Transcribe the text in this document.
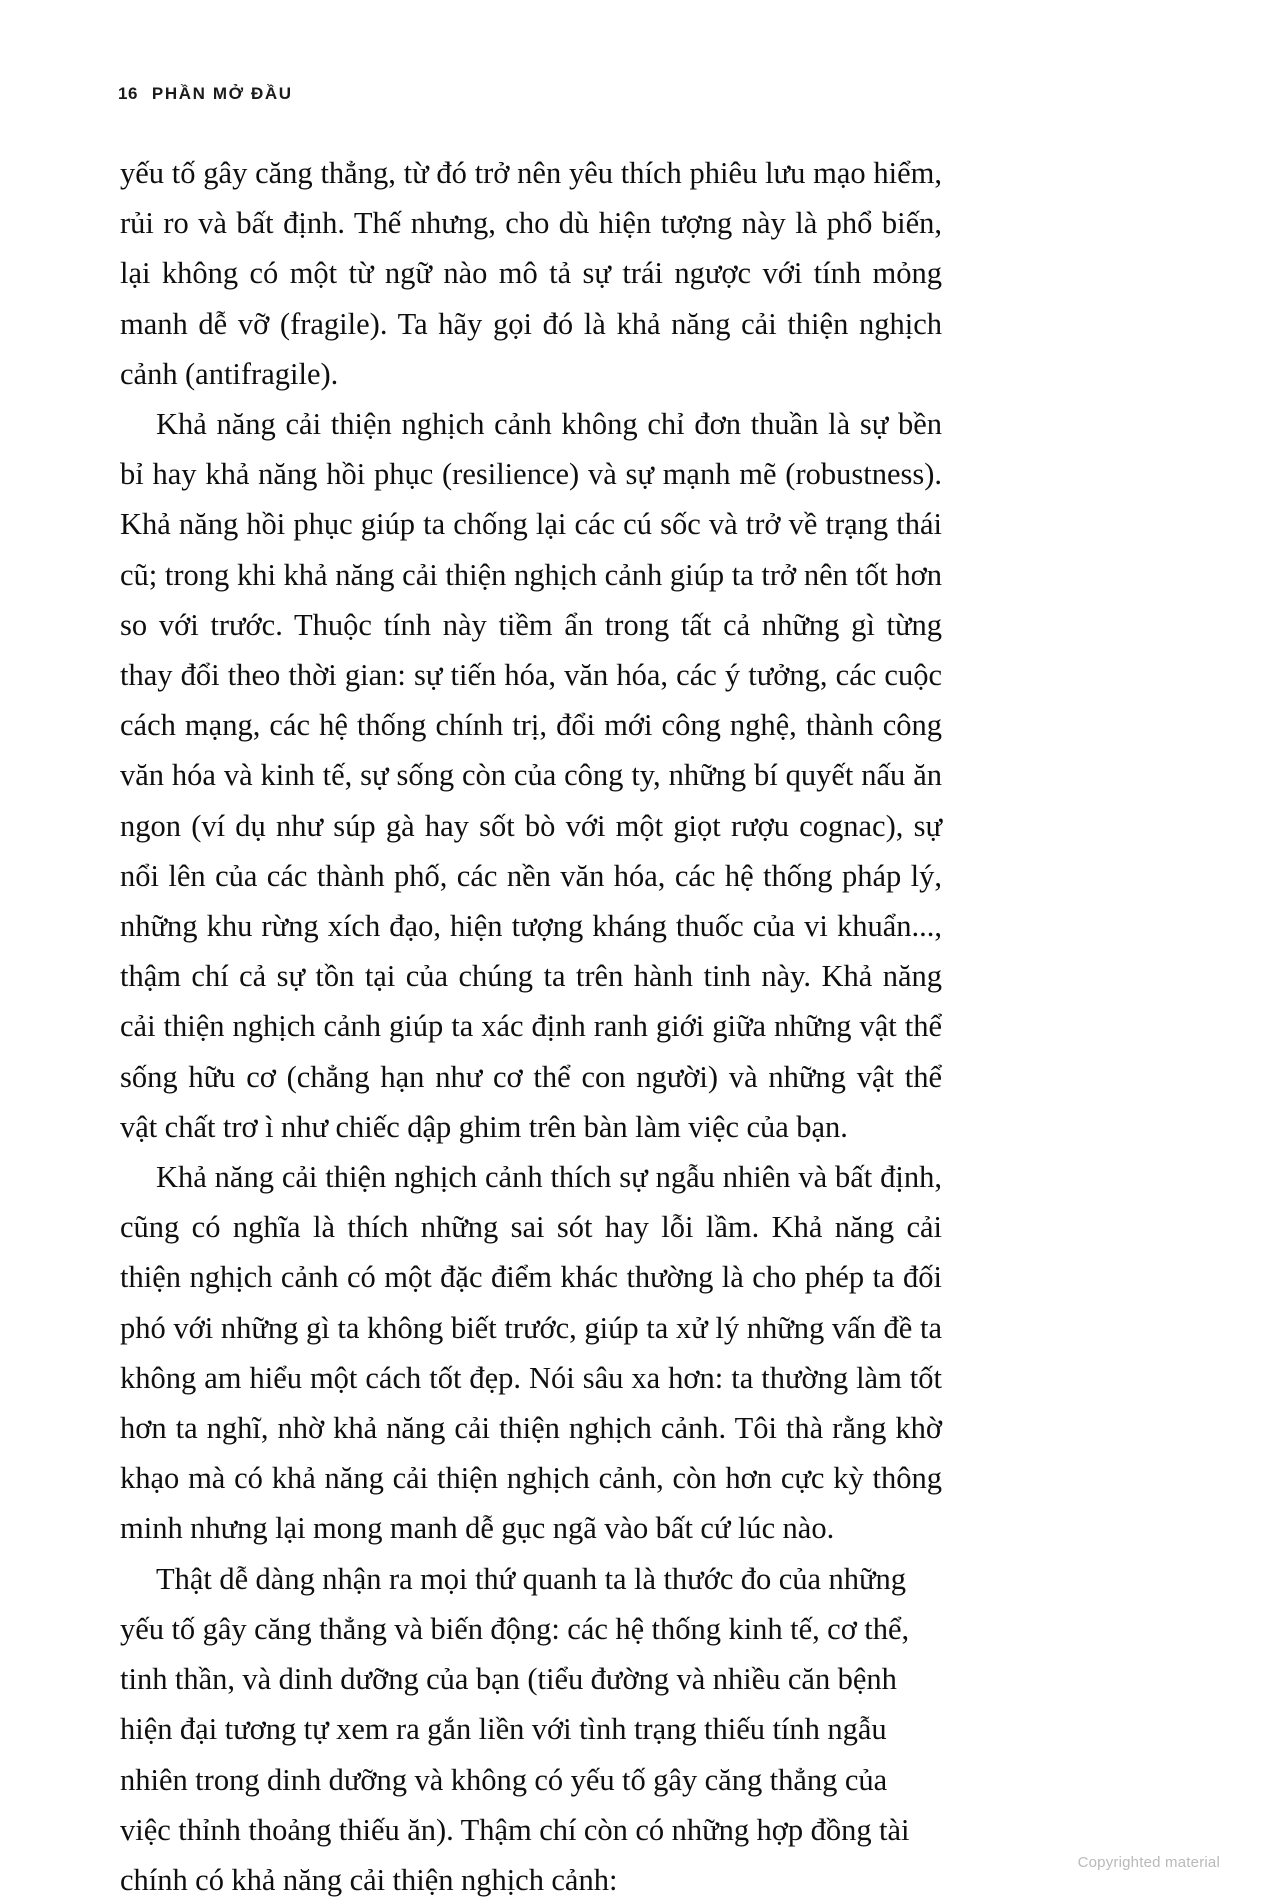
16 PHẦN MỞ ĐẦU

yếu tố gây căng thẳng, từ đó trở nên yêu thích phiêu lưu mạo hiểm, rủi ro và bất định. Thế nhưng, cho dù hiện tượng này là phổ biến, lại không có một từ ngữ nào mô tả sự trái ngược với tính mỏng manh dễ vỡ (fragile). Ta hãy gọi đó là khả năng cải thiện nghịch cảnh (antifragile).

Khả năng cải thiện nghịch cảnh không chỉ đơn thuần là sự bền bỉ hay khả năng hồi phục (resilience) và sự mạnh mẽ (robustness). Khả năng hồi phục giúp ta chống lại các cú sốc và trở về trạng thái cũ; trong khi khả năng cải thiện nghịch cảnh giúp ta trở nên tốt hơn so với trước. Thuộc tính này tiềm ẩn trong tất cả những gì từng thay đổi theo thời gian: sự tiến hóa, văn hóa, các ý tưởng, các cuộc cách mạng, các hệ thống chính trị, đổi mới công nghệ, thành công văn hóa và kinh tế, sự sống còn của công ty, những bí quyết nấu ăn ngon (ví dụ như súp gà hay sốt bò với một giọt rượu cognac), sự nổi lên của các thành phố, các nền văn hóa, các hệ thống pháp lý, những khu rừng xích đạo, hiện tượng kháng thuốc của vi khuẩn..., thậm chí cả sự tồn tại của chúng ta trên hành tinh này. Khả năng cải thiện nghịch cảnh giúp ta xác định ranh giới giữa những vật thể sống hữu cơ (chẳng hạn như cơ thể con người) và những vật thể vật chất trơ ì như chiếc dập ghim trên bàn làm việc của bạn.

Khả năng cải thiện nghịch cảnh thích sự ngẫu nhiên và bất định, cũng có nghĩa là thích những sai sót hay lỗi lầm. Khả năng cải thiện nghịch cảnh có một đặc điểm khác thường là cho phép ta đối phó với những gì ta không biết trước, giúp ta xử lý những vấn đề ta không am hiểu một cách tốt đẹp. Nói sâu xa hơn: ta thường làm tốt hơn ta nghĩ, nhờ khả năng cải thiện nghịch cảnh. Tôi thà rằng khờ khạo mà có khả năng cải thiện nghịch cảnh, còn hơn cực kỳ thông minh nhưng lại mong manh dễ gục ngã vào bất cứ lúc nào.

Thật dễ dàng nhận ra mọi thứ quanh ta là thước đo của những yếu tố gây căng thẳng và biến động: các hệ thống kinh tế, cơ thể, tinh thần, và dinh dưỡng của bạn (tiểu đường và nhiều căn bệnh hiện đại tương tự xem ra gắn liền với tình trạng thiếu tính ngẫu nhiên trong dinh dưỡng và không có yếu tố gây căng thẳng của việc thỉnh thoảng thiếu ăn). Thậm chí còn có những hợp đồng tài chính có khả năng cải thiện nghịch cảnh:

Copyrighted material
